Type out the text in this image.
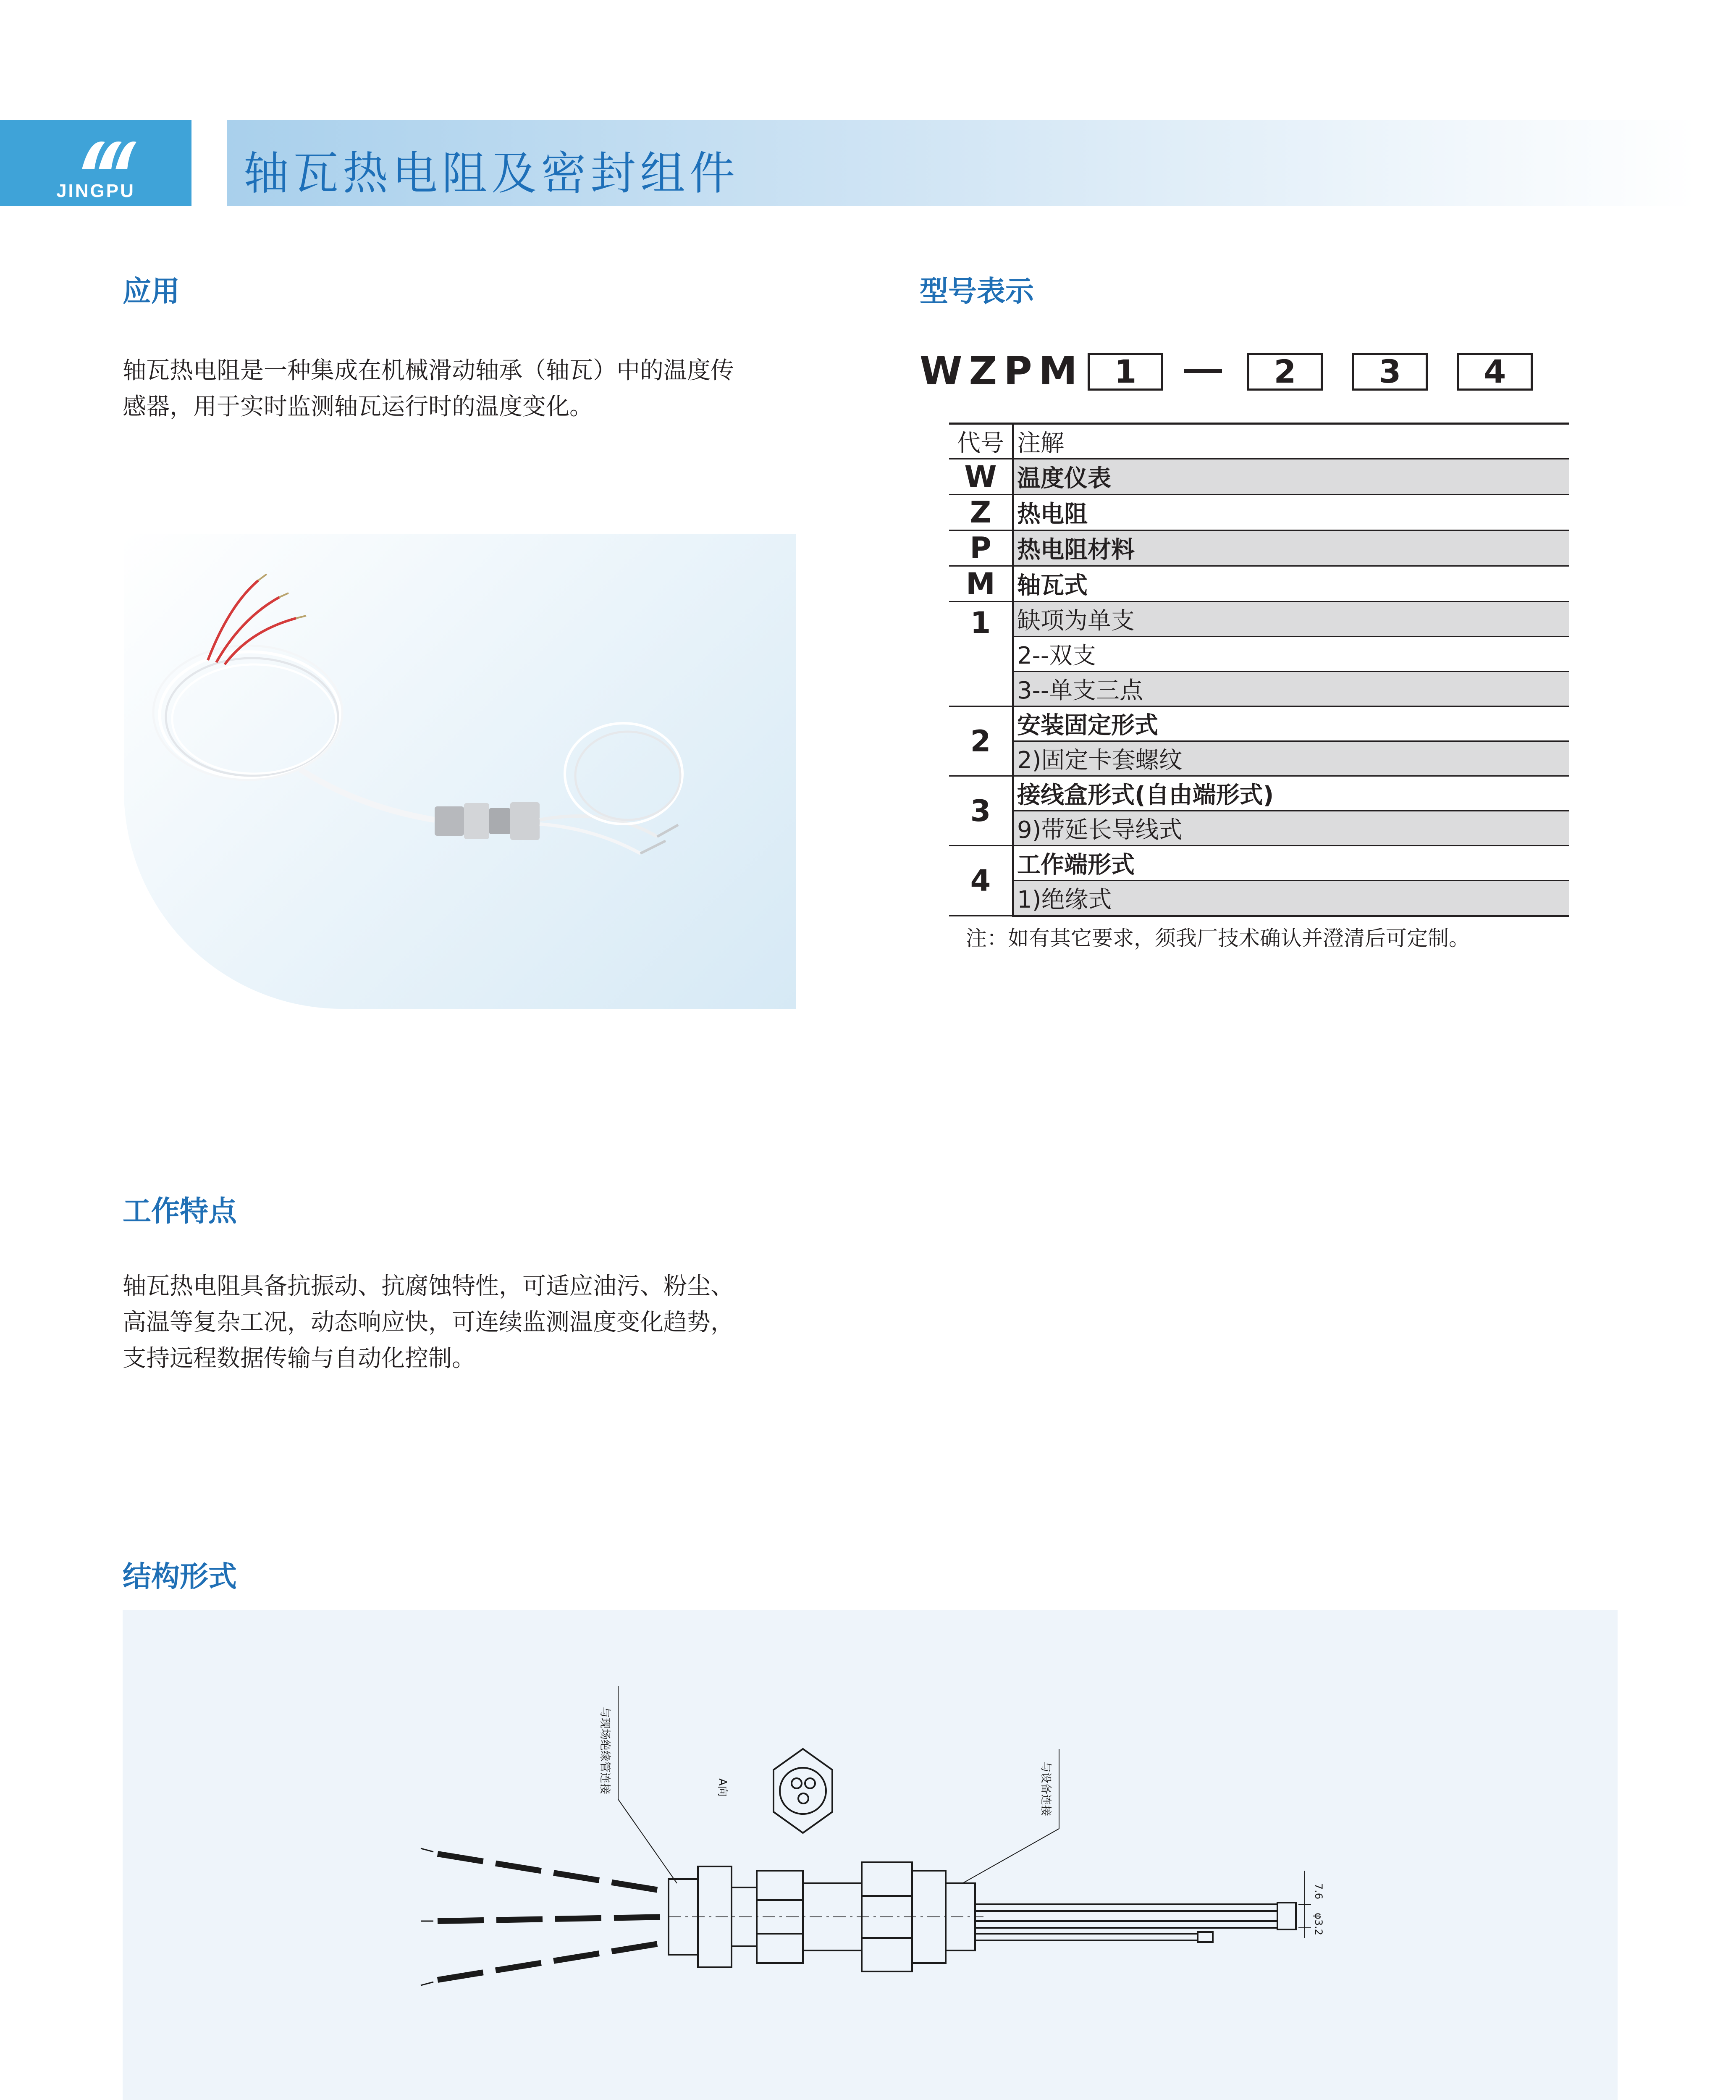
JINGPU	轴瓦热电阻及密封组件
应用
轴瓦热电阻是一种集成在机械滑动轴承（轴瓦）中的温度传
感器，用于实时监测轴瓦运行时的温度变化。
型号表示
WZPM 1	2	3	4
代号	注解
W	温度仪表
Z	热电阻
P	热电阻材料
M	轴瓦式
1	缺项为单支
	2--双支
	3--单支三点
2	安装固定形式
	2)固定卡套螺纹
3	接线盒形式(自由端形式)
	9)带延长导线式
4	工作端形式
	1)绝缘式
注：如有其它要求，须我厂技术确认并澄清后可定制。
工作特点
轴瓦热电阻具备抗振动、抗腐蚀特性，可适应油污、粉尘、
高温等复杂工况，动态响应快，可连续监测温度变化趋势，
支持远程数据传输与自动化控制。
结构形式
与现场绝缘管连接	A向	与设备连接
7.6
φ3.2
